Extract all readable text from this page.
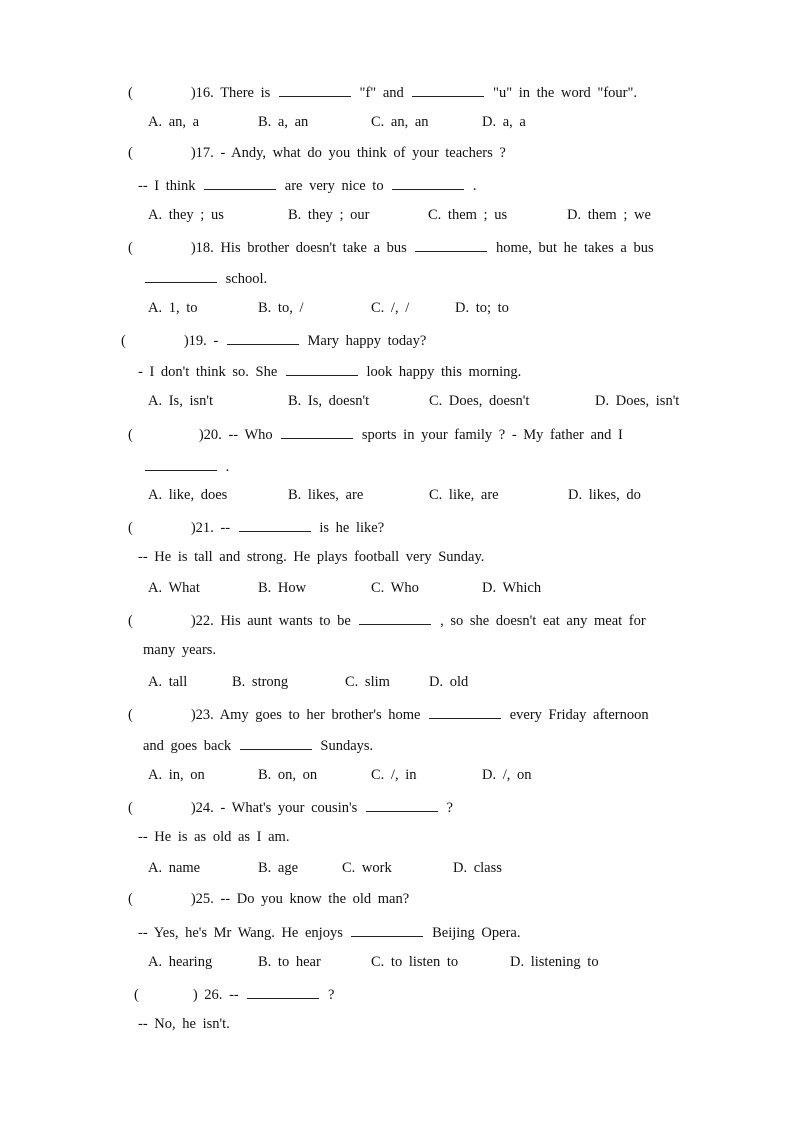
(	)16. There is	"f" and	"u" in the word "four".
A. an, a	B. a, an	C. an, an	D. a, a
(	)17. - Andy, what do you think of your teachers ?
-- I think	are very nice to	.
A. they ; us	B. they ; our	C. them ; us	D. them ; we
(	)18. His brother doesn't take a bus	home, but he takes a bus
school.
A. 1, to	B. to, /	C. /, /	D. to; to
(	)19. -	Mary happy today?
- I don't think so. She	look happy this morning.
A. Is, isn't	B. Is, doesn't	C. Does, doesn't	D. Does, isn't
(	)20. -- Who	sports in your family ? - My father and I
.
A. like, does	B. likes, are	C. like, are	D. likes, do
(	)21. --	is he like?
-- He is tall and strong. He plays football very Sunday.
A. What	B. How	C. Who	D. Which
(	)22. His aunt wants to be	, so she doesn't eat any meat for
many years.
A. tall	B. strong	C. slim	D. old
(	)23. Amy goes to her brother's home	every Friday afternoon
and goes back	Sundays.
A. in, on	B. on, on	C. /, in	D. /, on
(	)24. - What's your cousin's	?
-- He is as old as I am.
A. name	B. age	C. work	D. class
(	)25. -- Do you know the old man?
-- Yes, he's Mr Wang. He enjoys	Beijing Opera.
A. hearing	B. to hear	C. to listen to	D. listening to
(	) 26. --	?
-- No, he isn't.
